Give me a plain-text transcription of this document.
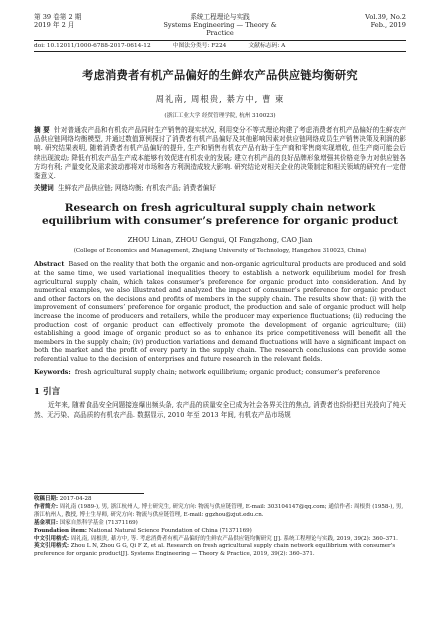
第 39 卷第 2 期	系统工程理论与实践	Vol.39, No.2
2019 年 2 月	Systems Engineering — Theory & Practice
Feb., 2019
doi: 10.12011/1000-6788-2017-0614-12	中图法分类号: F224	文献标志码: A
考虑消费者有机产品偏好的生鲜农产品供应链均衡研究
周礼南, 周根贵, 綦方中, 曹 柬
(浙江工业大学 经贸管理学院, 杭州 310023)
摘 要 针对普通农产品和有机农产品同时生产销售的现实状况, 利用变分不等式理论构建了考虑消费者有机产品偏好的生鲜农产品供应链网络均衡模型, 并通过数值算例探讨了消费者有机产品偏好及其他影响因素对供应链网络成员生产销售决策及利润的影响. 研究结果表明, 随着消费者有机产品偏好的提升, 生产和销售有机农产品有助于生产商和零售商实现增收, 但生产商可能会后续出现波动; 降低有机农产品生产成本能够有效促进有机农业的发展; 建立有机产品的良好品牌形象增强其价格竞争力对供应链各方均有利; 产量变化及需求波动都将对市场和各方利润造成较大影响. 研究结论对相关企业的决策制定和相关领域的研究有一定借鉴意义.
关键词 生鲜农产品供应链; 网络均衡; 有机农产品; 消费者偏好
Research on fresh agricultural supply chain network equilibrium with consumer’s preference for organic product
ZHOU Linan, ZHOU Gengui, QI Fangzhong, CAO Jian
(College of Economics and Management, Zhejiang University of Technology, Hangzhou 310023, China)
Abstract Based on the reality that both the organic and non-organic agricultural products are produced and sold at the same time, we used variational inequalities theory to establish a network equilibrium model for fresh agricultural supply chain, which takes consumer’s preference for organic product into consideration. And by numerical examples, we also illustrated and analyzed the impact of consumer’s preference for organic product and other factors on the decisions and profits of members in the supply chain. The results show that: (i) with the improvement of consumers’ preference for organic product, the production and sale of organic product will help increase the income of producers and retailers, while the producer may experience fluctuations; (ii) reducing the production cost of organic product can effectively promote the development of organic agriculture; (iii) establishing a good image of organic product so as to enhance its price competitiveness will benefit all the members in the supply chain; (iv) production variations and demand fluctuations will have a significant impact on both the market and the profit of every party in the supply chain. The research conclusions can provide some referential value to the decision of enterprises and future research in the relevant fields.
Keywords: fresh agricultural supply chain; network equilibrium; organic product; consumer’s preference
1 引言
近年来, 随着食品安全问题接连爆出频头条, 农产品的质量安全已成为社会各界关注的焦点, 消费者也纷纷把目光投向了纯天然、无污染、高品质的有机农产品. 数据显示, 2010 年至 2013 年间, 有机农产品市场规

收稿日期: 2017-04-28

作者简介: 周礼南 (1989-), 男, 浙江杭州人, 博士研究生, 研究方向: 物流与供应链管理, E-mail: 303104147@qq.com; 通信作者: 周根贵 (1958-), 男, 浙江杭州人, 教授, 博士生导师, 研究方向: 物流与供应链管理, E-mail: ggzhou@zjut.edu.cn.

基金项目: 国家自然科学基金 (71371169)

Foundation item: National Natural Science Foundation of China (71371169)

中文引用格式: 周礼南, 周根贵, 綦方中, 等. 考虑消费者有机产品偏好的生鲜农产品供应链均衡研究 [J]. 系统工程理论与实践, 2019, 39(2): 360–371.

英文引用格式: Zhou L N, Zhou G G, Qi F Z, et al. Research on fresh agricultural supply chain network equilibrium with consumer’s preference for organic product[J]. Systems Engineering — Theory & Practice, 2019, 39(2): 360–371.
